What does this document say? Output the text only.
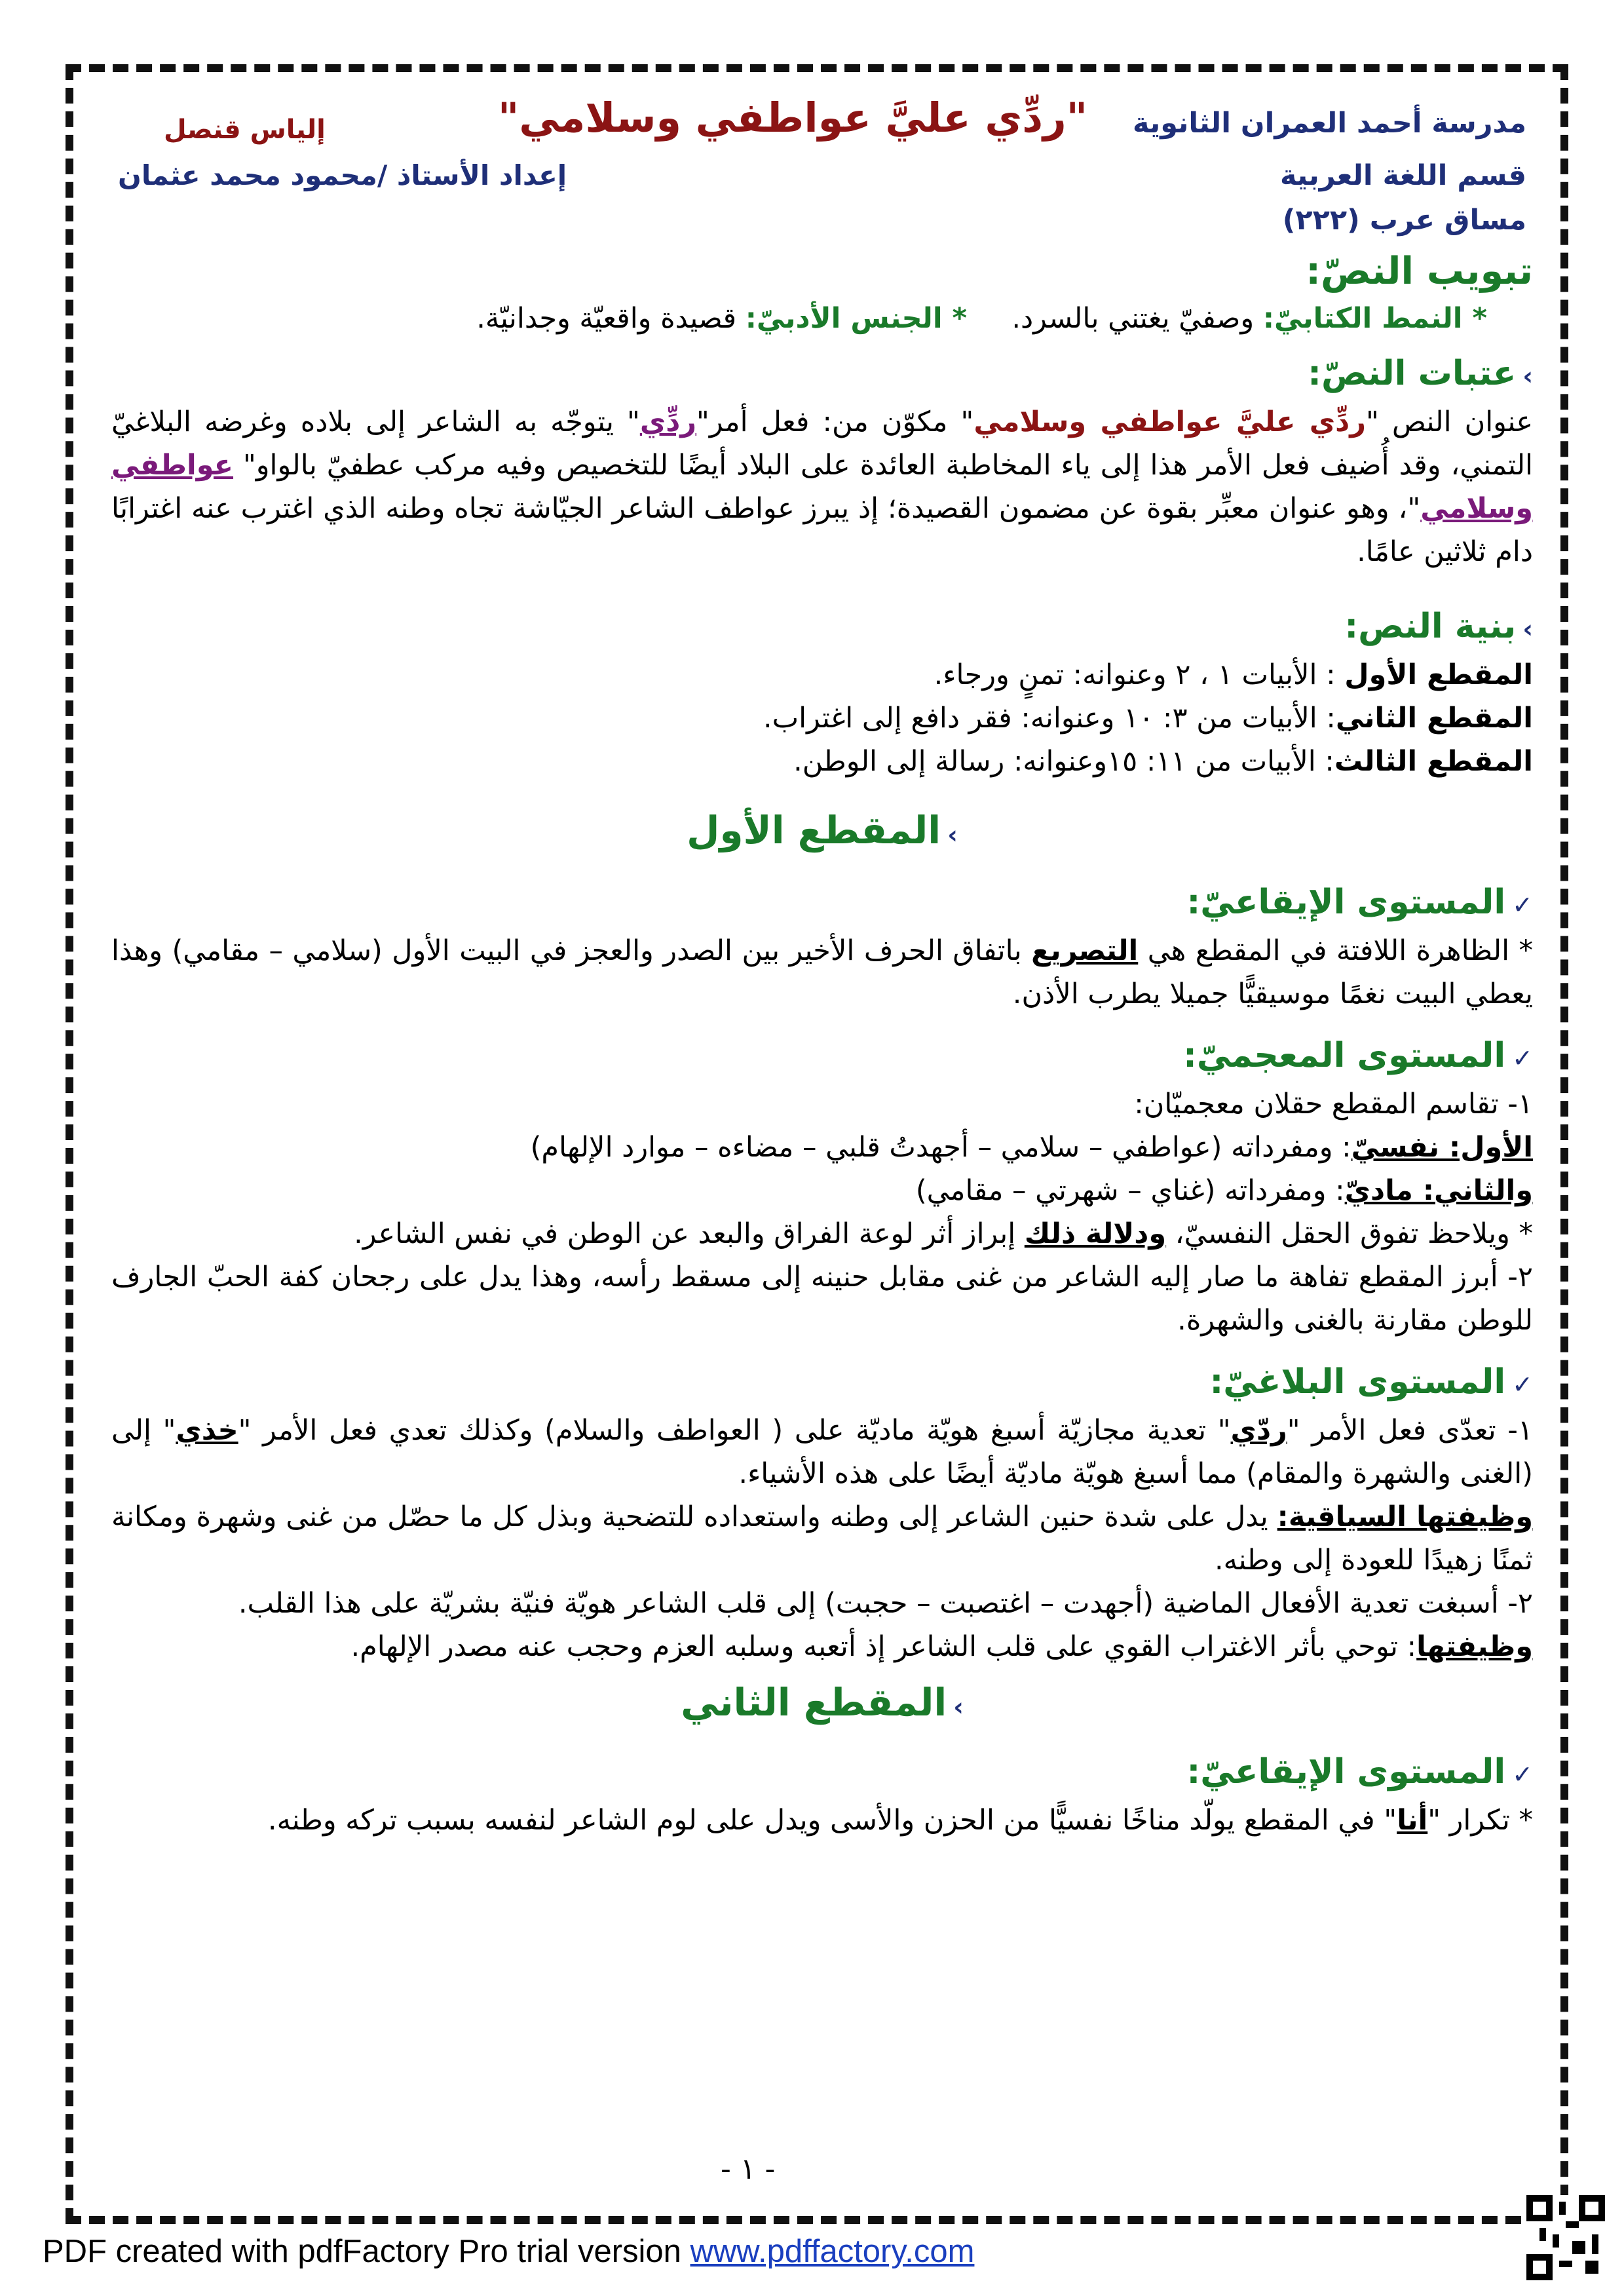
مدرسة أحمد العمران الثانوية
قسم اللغة العربية
مساق عرب (٢٢٢)
"ردِّي عليَّ عواطفي وسلامي"
إلياس قنصل
إعداد الأستاذ /محمود محمد عثمان
تبويب النصّ:

* النمط الكتابيّ: وصفيّ يغتني بالسرد.     * الجنس الأدبيّ: قصيدة واقعيّة وجدانيّة.

›عتبات النصّ:

عنوان النص "ردِّي عليَّ عواطفي وسلامي" مكوّن من: فعل أمر"ردِّي" يتوجّه به الشاعر إلى بلاده وغرضه البلاغيّ التمني، وقد أُضيف فعل الأمر هذا إلى ياء المخاطبة العائدة على البلاد أيضًا للتخصيص وفيه مركب عطفيّ بالواو" عواطفي وسلامي"، وهو عنوان معبِّر بقوة عن مضمون القصيدة؛ إذ يبرز عواطف الشاعر الجيّاشة تجاه وطنه الذي اغترب عنه اغترابًا دام ثلاثين عامًا.

›بنية النص:

المقطع الأول : الأبيات ١ ، ٢ وعنوانه: تمنٍ ورجاء.

المقطع الثاني: الأبيات من ٣: ١٠ وعنوانه: فقر دافع إلى اغتراب.

المقطع الثالث: الأبيات من ١١: ١٥وعنوانه: رسالة إلى الوطن.

›المقطع الأول
✓المستوى الإيقاعيّ:

* الظاهرة اللافتة في المقطع هي التصريع باتفاق الحرف الأخير بين الصدر والعجز في البيت الأول (سلامي – مقامي) وهذا يعطي البيت نغمًا موسيقيًّا جميلا يطرب الأذن.

✓المستوى المعجميّ:

١- تقاسم المقطع حقلان معجميّان:

الأول: نفسيّ: ومفرداته (عواطفي – سلامي – أجهدتُ قلبي – مضاءه – موارد الإلهام)

والثاني: ماديّ: ومفرداته (غناي – شهرتي – مقامي)

* ويلاحظ تفوق الحقل النفسيّ، ودلالة ذلك إبراز أثر لوعة الفراق والبعد عن الوطن في نفس الشاعر.

٢- أبرز المقطع تفاهة ما صار إليه الشاعر من غنى مقابل حنينه إلى مسقط رأسه، وهذا يدل على رجحان كفة الحبّ الجارف للوطن مقارنة بالغنى والشهرة.

✓المستوى البلاغيّ:

١- تعدّى فعل الأمر "ردّي" تعدية مجازيّة أسبغ هويّة ماديّة على ( العواطف والسلام) وكذلك تعدي فعل الأمر "خذي" إلى (الغنى والشهرة والمقام) مما أسبغ هويّة ماديّة أيضًا على هذه الأشياء.

وظيفتها السياقية: يدل على شدة حنين الشاعر إلى وطنه واستعداده للتضحية وبذل كل ما حصّل من غنى وشهرة ومكانة ثمنًا زهيدًا للعودة إلى وطنه.

٢- أسبغت تعدية الأفعال الماضية (أجهدت – اغتصبت – حجبت) إلى قلب الشاعر هويّة فنيّة بشريّة على هذا القلب.

وظيفتها: توحي بأثر الاغتراب القوي على قلب الشاعر إذ أتعبه وسلبه العزم وحجب عنه مصدر الإلهام.

›المقطع الثاني
✓المستوى الإيقاعيّ:

* تكرار "أنا" في المقطع يولّد مناخًا نفسيًّا من الحزن والأسى ويدل على لوم الشاعر لنفسه بسبب تركه وطنه.

- ١ -
PDF created with pdfFactory Pro trial version www.pdffactory.com
